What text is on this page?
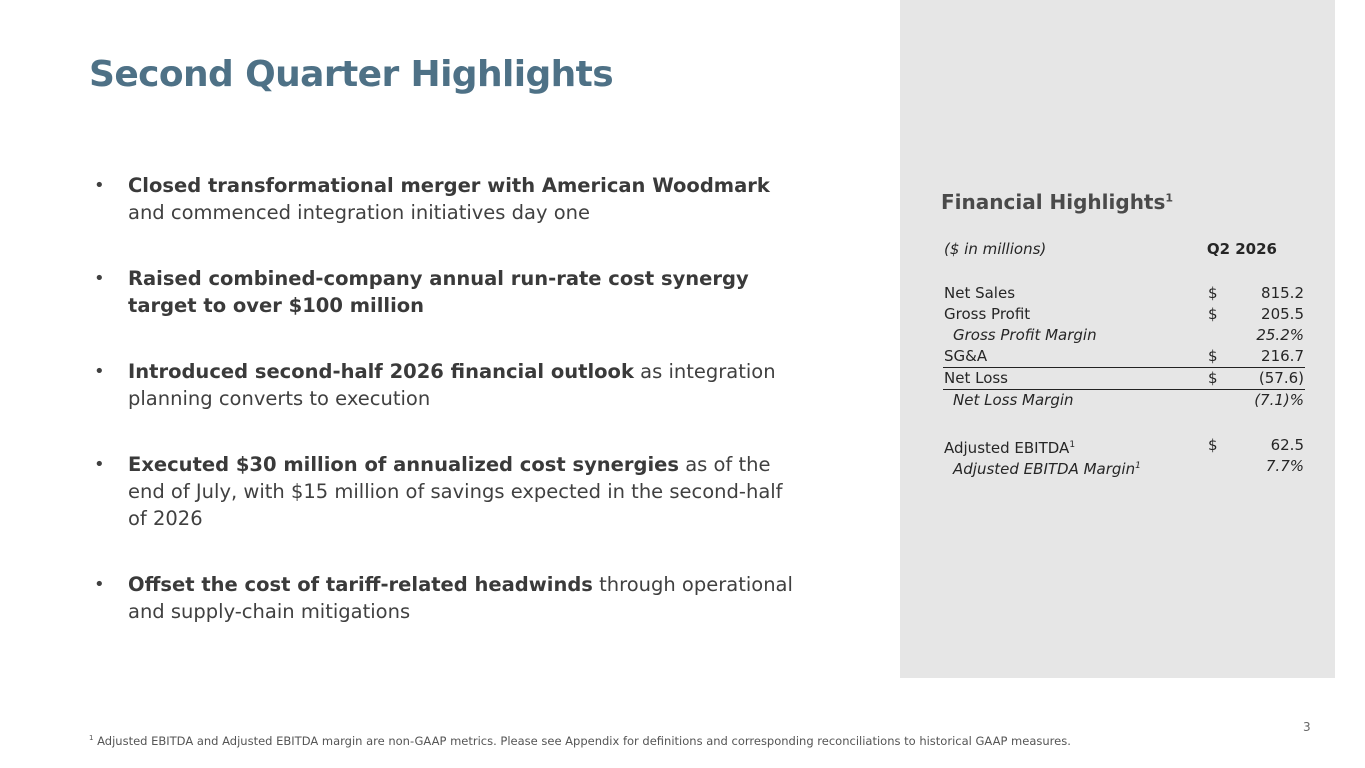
Second Quarter Highlights
• Closed transformational merger with American Woodmark and commenced integration initiatives day one
• Raised combined-company annual run-rate cost synergy target to over $100 million
• Introduced second-half 2026 financial outlook as integration planning converts to execution
• Executed $30 million of annualized cost synergies as of the end of July, with $15 million of savings expected in the second-half of 2026
• Offset the cost of tariff-related headwinds through operational and supply-chain mitigations
Financial Highlights$^1$
($ in millions)	Q2 2026
Net Sales	$	815.2
Gross Profit	$	205.5
Gross Profit Margin	25.2%
SG&A	$	216.7
Net Loss	$	(57.6)
Net Loss Margin	(7.1)%
Adjusted EBITDA$^1$	$	62.5
Adjusted EBITDA Margin$^1$	7.7%
$^1$ Adjusted EBITDA and Adjusted EBITDA margin are non-GAAP metrics. Please see Appendix for definitions and corresponding reconciliations to historical GAAP measures.
3
